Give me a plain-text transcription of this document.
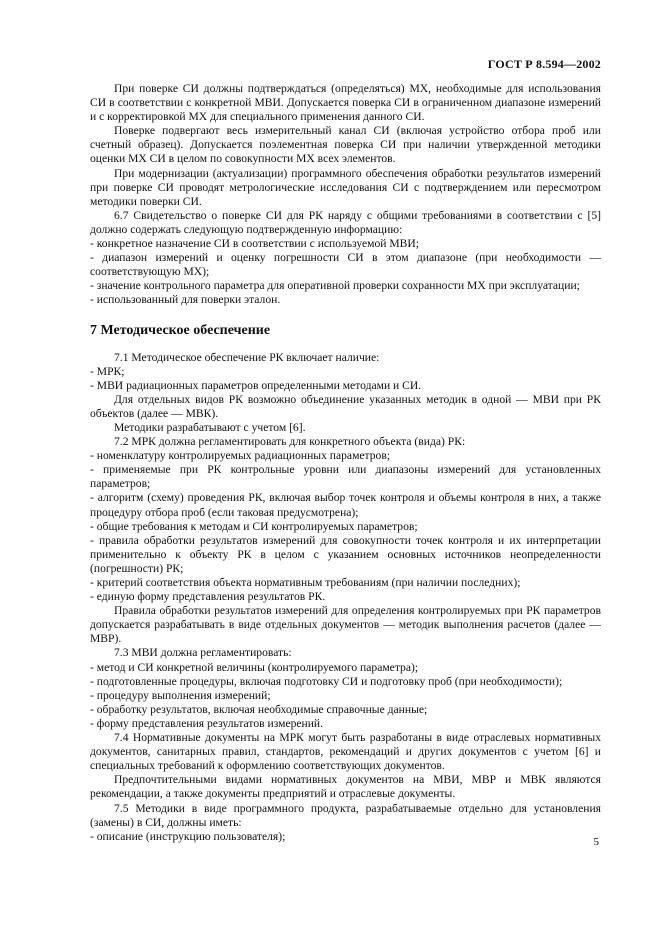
ГОСТ Р 8.594—2002

При поверке СИ должны подтверждаться (определяться) МХ, необходимые для использования СИ в соответствии с конкретной МВИ. Допускается поверка СИ в ограниченном диапазоне измерений и с корректировкой МХ для специального применения данного СИ.

Поверке подвергают весь измерительный канал СИ (включая устройство отбора проб или счетный образец). Допускается поэлементная поверка СИ при наличии утвержденной методики оценки МХ СИ в целом по совокупности МХ всех элементов.

При модернизации (актуализации) программного обеспечения обработки результатов измерений при поверке СИ проводят метрологические исследования СИ с подтверждением или пересмотром методики поверки СИ.

6.7 Свидетельство о поверке СИ для РК наряду с общими требованиями в соответствии с [5] должно содержать следующую подтвержденную информацию:

- конкретное назначение СИ в соответствии с используемой МВИ;

- диапазон измерений и оценку погрешности СИ в этом диапазоне (при необходимости — соответствующую МХ);

- значение контрольного параметра для оперативной проверки сохранности МХ при эксплуатации;

- использованный для поверки эталон.

7 Методическое обеспечение

7.1 Методическое обеспечение РК включает наличие:

- МРК;

- МВИ радиационных параметров определенными методами и СИ.

Для отдельных видов РК возможно объединение указанных методик в одной — МВИ при РК объектов (далее — МВК).

Методики разрабатывают с учетом [6].

7.2 МРК должна регламентировать для конкретного объекта (вида) РК:

- номенклатуру контролируемых радиационных параметров;

- применяемые при РК контрольные уровни или диапазоны измерений для установленных параметров;

- алгоритм (схему) проведения РК, включая выбор точек контроля и объемы контроля в них, а также процедуру отбора проб (если таковая предусмотрена);

- общие требования к методам и СИ контролируемых параметров;

- правила обработки результатов измерений для совокупности точек контроля и их интерпретации применительно к объекту РК в целом с указанием основных источников неопределенности (погрешности) РК;

- критерий соответствия объекта нормативным требованиям (при наличии последних);

- единую форму представления результатов РК.

Правила обработки результатов измерений для определения контролируемых при РК параметров допускается разрабатывать в виде отдельных документов — методик выполнения расчетов (далее — МВР).

7.3 МВИ должна регламентировать:

- метод и СИ конкретной величины (контролируемого параметра);

- подготовленные процедуры, включая подготовку СИ и подготовку проб (при необходимости);

- процедуру выполнения измерений;

- обработку результатов, включая необходимые справочные данные;

- форму представления результатов измерений.

7.4 Нормативные документы на МРК могут быть разработаны в виде отраслевых нормативных документов, санитарных правил, стандартов, рекомендаций и других документов с учетом [6] и специальных требований к оформлению соответствующих документов.

Предпочтительными видами нормативных документов на МВИ, МВР и МВК являются рекомендации, а также документы предприятий и отраслевые документы.

7.5 Методики в виде программного продукта, разрабатываемые отдельно для установления (замены) в СИ, должны иметь:

- описание (инструкцию пользователя);	5
